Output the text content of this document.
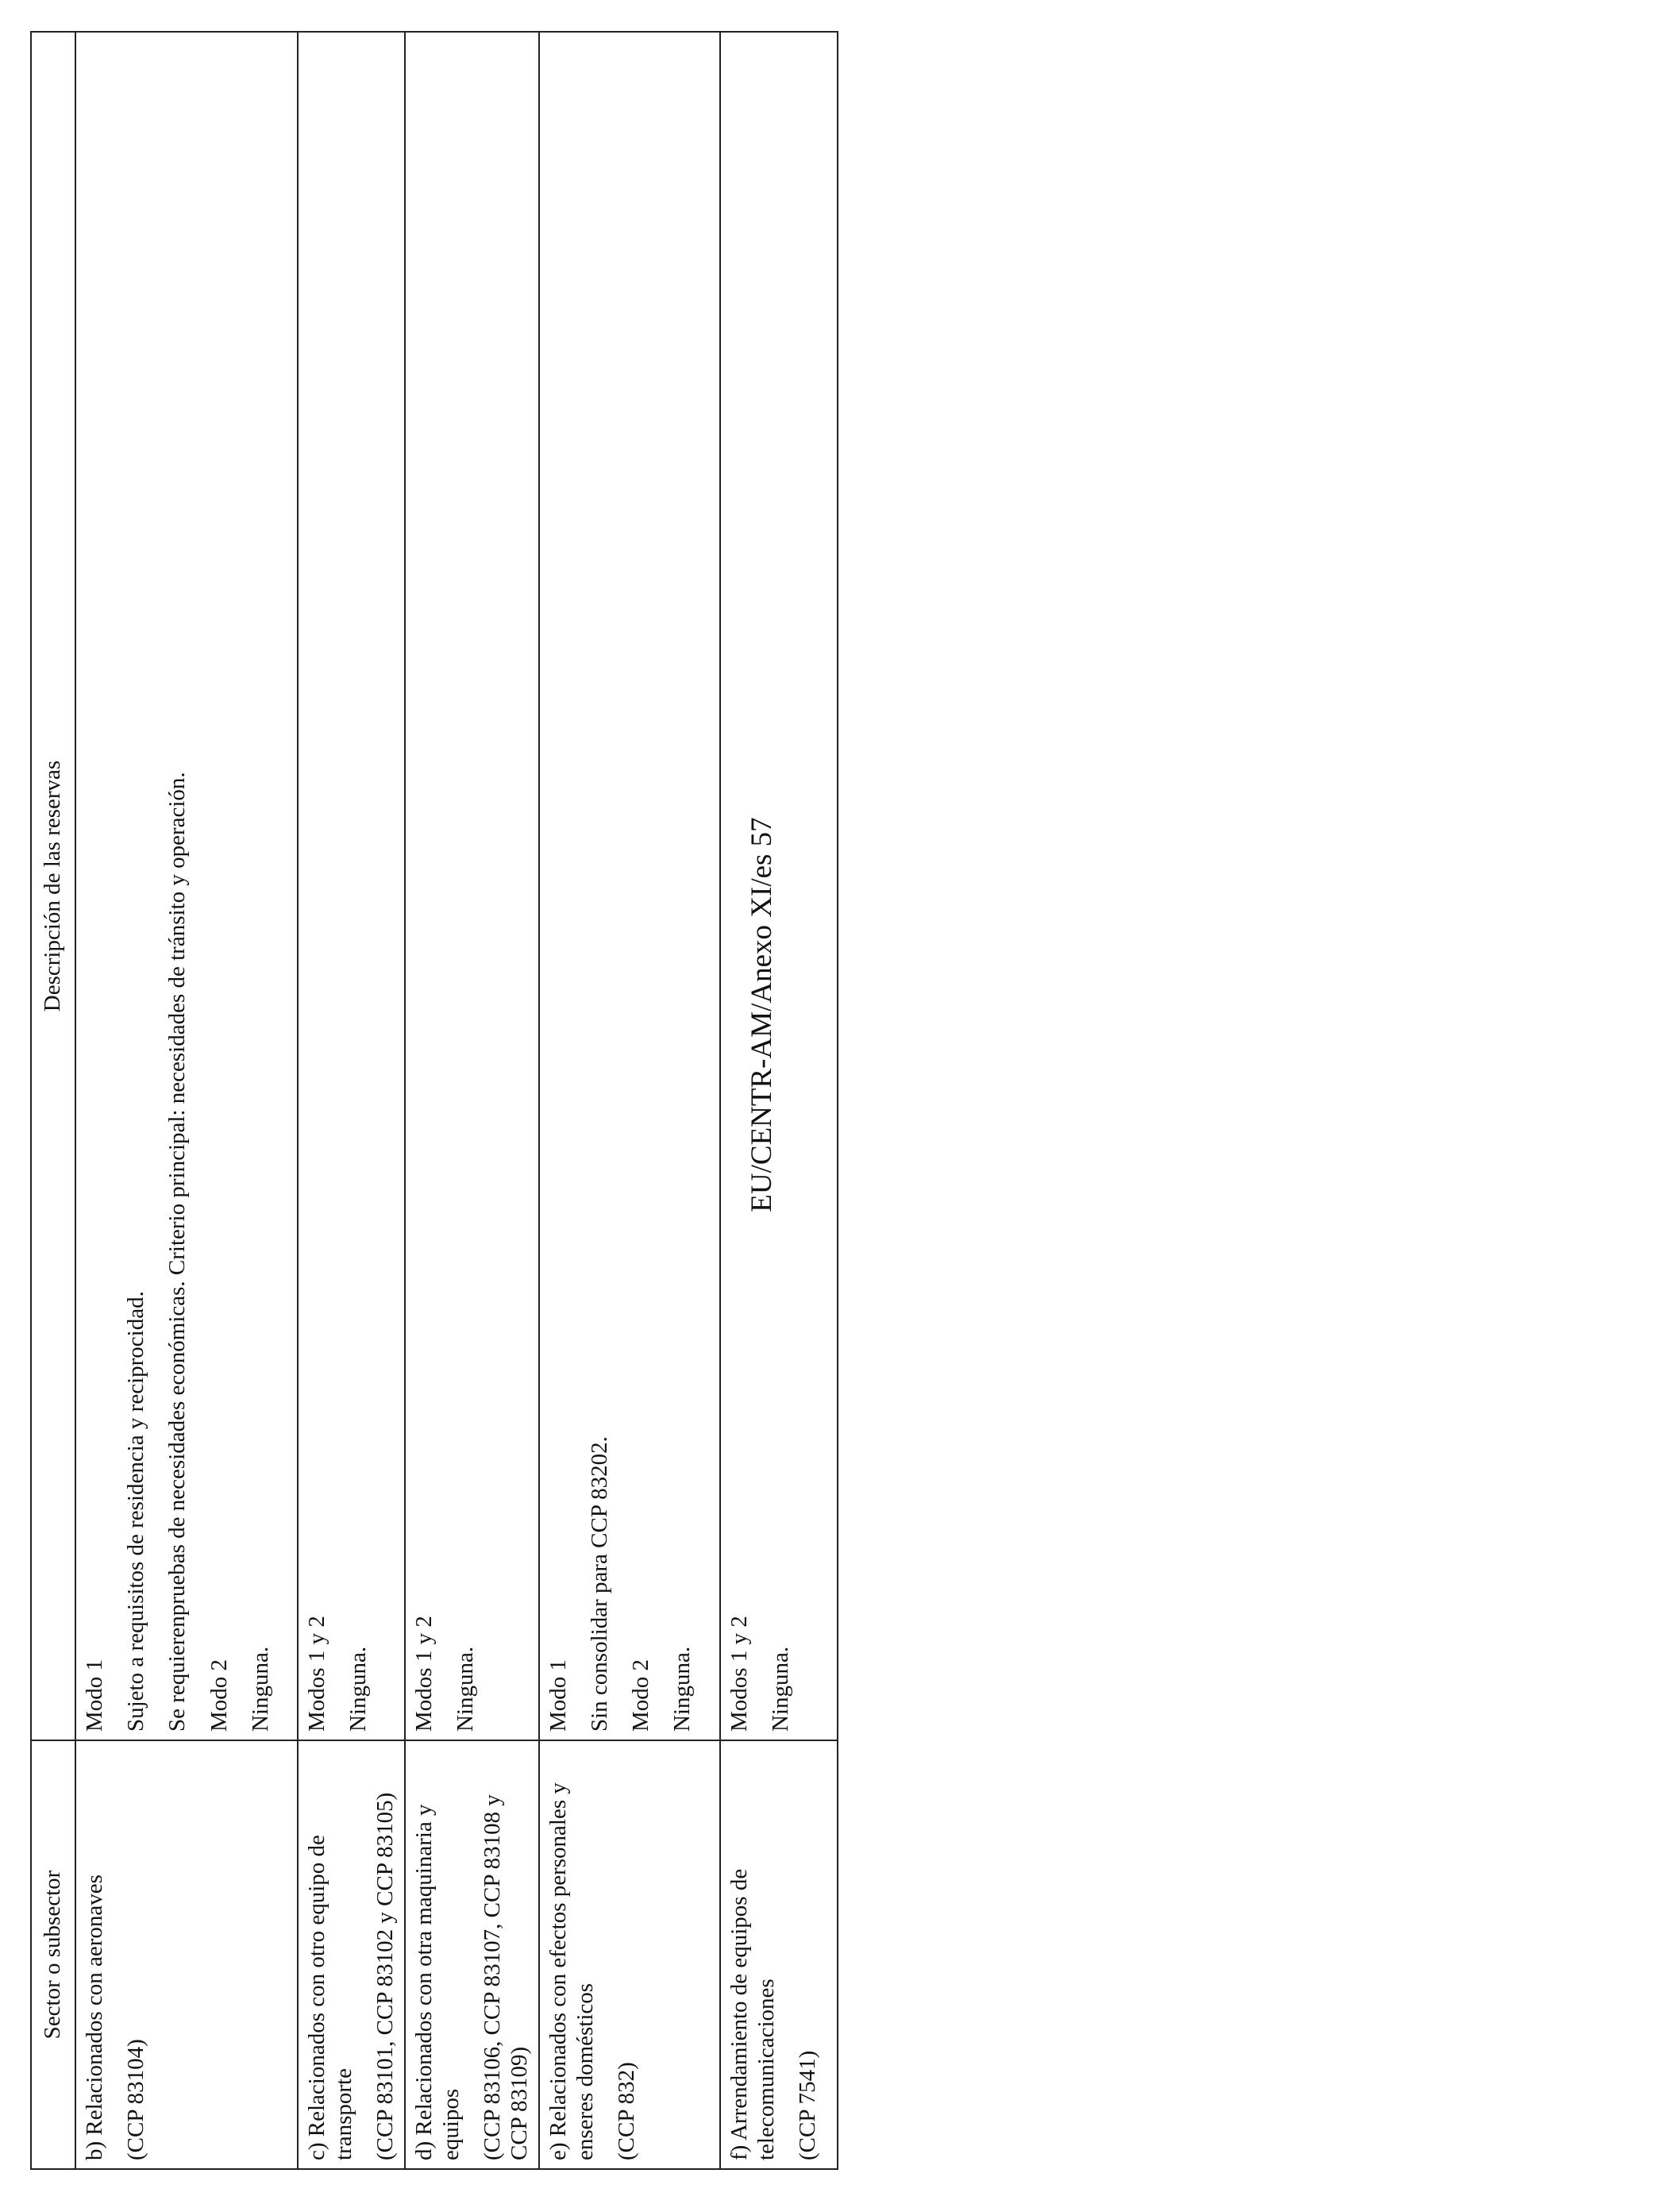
Sector o subsector	Descripción de las reservas

b) Relacionados con aeronaves (CCP 83104)	Modo 1 Sujeto a requisitos de residencia y reciprocidad. Se requierenpruebas de necesidades económicas. Criterio principal: necesidades de tránsito y operación. Modo 2 Ninguna.

c) Relacionados con otro equipo de transporte (CCP 83101, CCP 83102 y CCP 83105)	Modos 1 y 2 Ninguna.

d) Relacionados con otra maquinaria y equipos (CCP 83106, CCP 83107, CCP 83108 y CCP 83109)	Modos 1 y 2 Ninguna.

e) Relacionados con efectos personales y enseres domésticos (CCP 832)	Modo 1 Sin consolidar para CCP 83202. Modo 2 Ninguna.

f) Arrendamiento de equipos de telecomunicaciones (CCP 7541)	Modos 1 y 2 Ninguna.
EU/CENTR-AM/Anexo XI/es 57
